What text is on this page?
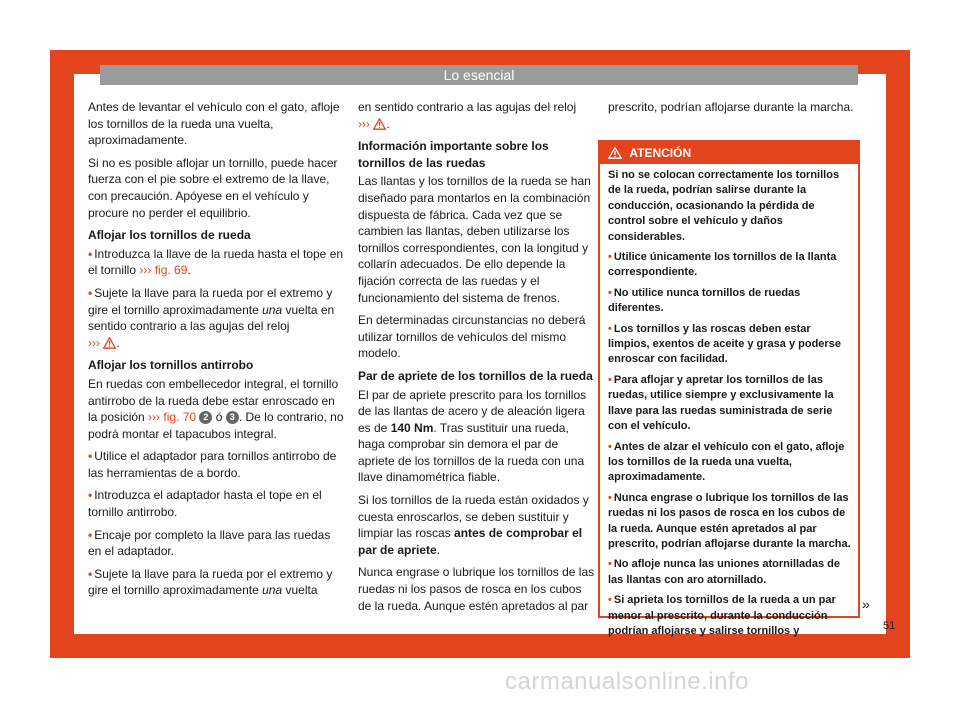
Lo esencial

Antes de levantar el vehículo con el gato, afloje los tornillos de la rueda una vuelta, aproximadamente.

Si no es posible aflojar un tornillo, puede hacer fuerza con el pie sobre el extremo de la llave, con precaución. Apóyese en el vehículo y procure no perder el equilibrio.

Aflojar los tornillos de rueda

• Introduzca la llave de la rueda hasta el tope en el tornillo ››› fig. 69.

• Sujete la llave para la rueda por el extremo y gire el tornillo aproximadamente una vuelta en sentido contrario a las agujas del reloj
››› .

Aflojar los tornillos antirrobo

En ruedas con embellecedor integral, el tornillo antirrobo de la rueda debe estar enroscado en la posición ››› fig. 70 2 ó 3 . De lo contrario, no podrá montar el tapacubos integral.

• Utilice el adaptador para tornillos antirrobo de las herramientas de a bordo.

• Introduzca el adaptador hasta el tope en el tornillo antirrobo.

• Encaje por completo la llave para las ruedas en el adaptador.

• Sujete la llave para la rueda por el extremo y gire el tornillo aproximadamente una vuelta

en sentido contrario a las agujas del reloj
››› .

Información importante sobre los tornillos de las ruedas

Las llantas y los tornillos de la rueda se han diseñado para montarlos en la combinación dispuesta de fábrica. Cada vez que se cambien las llantas, deben utilizarse los tornillos correspondientes, con la longitud y collarín adecuados. De ello depende la fijación correcta de las ruedas y el funcionamiento del sistema de frenos.

En determinadas circunstancias no deberá utilizar tornillos de vehículos del mismo modelo.

Par de apriete de los tornillos de la rueda

El par de apriete prescrito para los tornillos de las llantas de acero y de aleación ligera es de 140 Nm. Tras sustituir una rueda, haga comprobar sin demora el par de apriete de los tornillos de la rueda con una llave dinamométrica fiable.

Si los tornillos de la rueda están oxidados y cuesta enroscarlos, se deben sustituir y limpiar las roscas antes de comprobar el par de apriete.

Nunca engrase o lubrique los tornillos de las ruedas ni los pasos de rosca en los cubos de la rueda. Aunque estén apretados al par

prescrito, podrían aflojarse durante la marcha.
ATENCIÓN

Si no se colocan correctamente los tornillos de la rueda, podrían salirse durante la conducción, ocasionando la pérdida de control sobre el vehículo y daños considerables.

• Utilice únicamente los tornillos de la llanta correspondiente.

• No utilice nunca tornillos de ruedas diferentes.

• Los tornillos y las roscas deben estar limpios, exentos de aceite y grasa y poderse enroscar con facilidad.

• Para aflojar y apretar los tornillos de las ruedas, utilice siempre y exclusivamente la llave para las ruedas suministrada de serie con el vehículo.

• Antes de alzar el vehículo con el gato, afloje los tornillos de la rueda una vuelta, aproximadamente.

• Nunca engrase o lubrique los tornillos de las ruedas ni los pasos de rosca en los cubos de la rueda. Aunque estén apretados al par prescrito, podrían aflojarse durante la marcha.

• No afloje nunca las uniones atornilladas de las llantas con aro atornillado.

• Si aprieta los tornillos de la rueda a un par menor al prescrito, durante la conducción podrían aflojarse y salirse tornillos y

»
51
carmanualsonline.info
